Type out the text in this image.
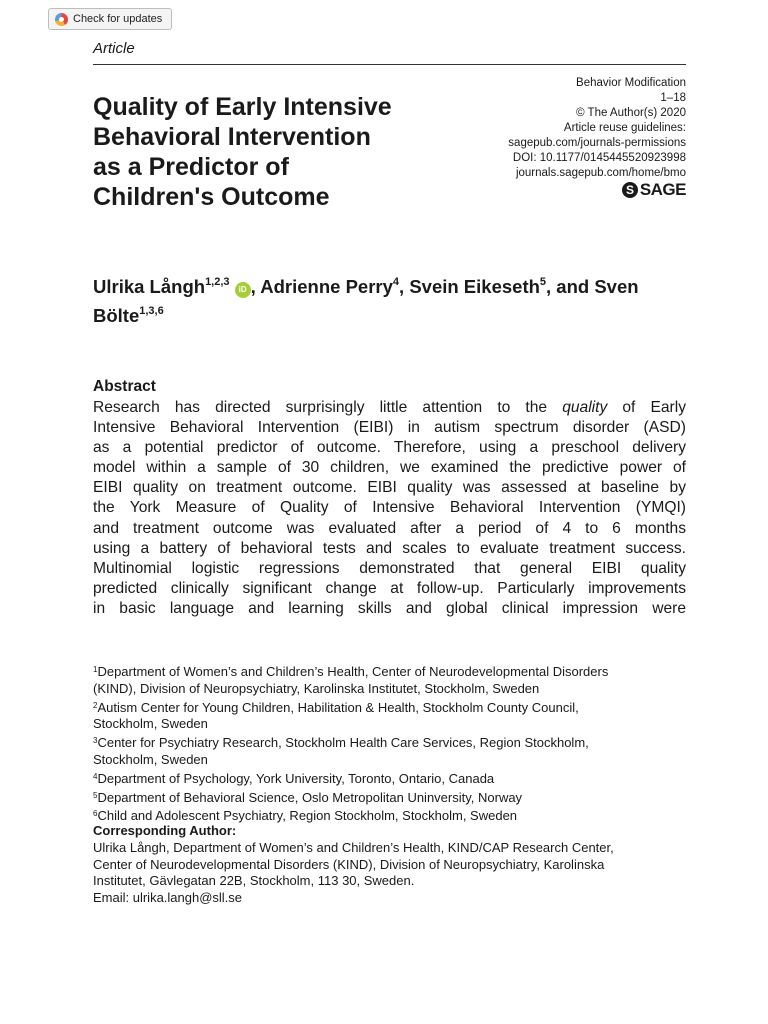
Check for updates
Article
Quality of Early Intensive
Behavioral Intervention
as a Predictor of
Children's Outcome
Behavior Modification
1–18
© The Author(s) 2020
Article reuse guidelines:
sagepub.com/journals-permissions
DOI: 10.1177/0145445520923998
journals.sagepub.com/home/bmo
S SAGE
Ulrika Långh$^{1,2,3}$ iD , Adrienne Perry$^4$, Svein Eikeseth$^5$, and Sven Bölte$^{1,3,6}$
Abstract
Research has directed surprisingly little attention to the quality of Early
Intensive Behavioral Intervention (EIBI) in autism spectrum disorder (ASD)
as a potential predictor of outcome. Therefore, using a preschool delivery
model within a sample of 30 children, we examined the predictive power of
EIBI quality on treatment outcome. EIBI quality was assessed at baseline by
the York Measure of Quality of Intensive Behavioral Intervention (YMQI)
and treatment outcome was evaluated after a period of 4 to 6 months
using a battery of behavioral tests and scales to evaluate treatment success.
Multinomial logistic regressions demonstrated that general EIBI quality
predicted clinically significant change at follow-up. Particularly improvements
in basic language and learning skills and global clinical impression were
$^1$Department of Women’s and Children’s Health, Center of Neurodevelopmental Disorders
(KIND), Division of Neuropsychiatry, Karolinska Institutet, Stockholm, Sweden
$^2$Autism Center for Young Children, Habilitation & Health, Stockholm County Council,
Stockholm, Sweden
$^3$Center for Psychiatry Research, Stockholm Health Care Services, Region Stockholm,
Stockholm, Sweden
$^4$Department of Psychology, York University, Toronto, Ontario, Canada
$^5$Department of Behavioral Science, Oslo Metropolitan Uninversity, Norway
$^6$Child and Adolescent Psychiatry, Region Stockholm, Stockholm, Sweden
Corresponding Author:
Ulrika Långh, Department of Women’s and Children’s Health, KIND/CAP Research Center,
Center of Neurodevelopmental Disorders (KIND), Division of Neuropsychiatry, Karolinska
Institutet, Gävlegatan 22B, Stockholm, 113 30, Sweden.
Email: ulrika.langh@sll.se
